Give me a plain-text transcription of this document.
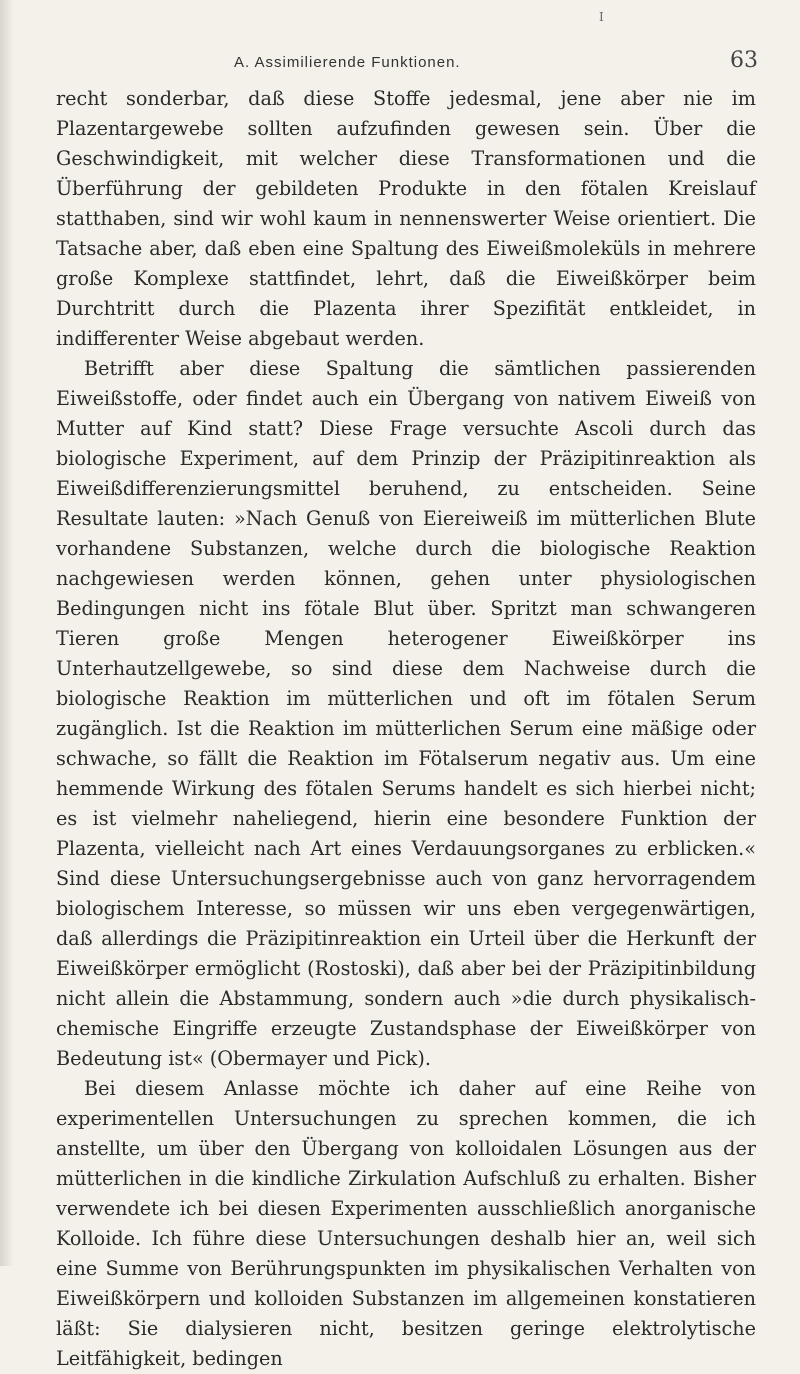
I
A. Assimilierende Funktionen.	63

recht sonderbar, daß diese Stoffe jedesmal, jene aber nie im Plazentargewebe sollten aufzufinden gewesen sein. Über die Geschwindigkeit, mit welcher diese Transformationen und die Überführung der gebildeten Produkte in den fötalen Kreislauf statthaben, sind wir wohl kaum in nennenswerter Weise orientiert. Die Tatsache aber, daß eben eine Spaltung des Eiweißmoleküls in mehrere große Komplexe stattfindet, lehrt, daß die Eiweißkörper beim Durchtritt durch die Plazenta ihrer Spezifität entkleidet, in indifferenter Weise abgebaut werden.

Betrifft aber diese Spaltung die sämtlichen passierenden Eiweißstoffe, oder findet auch ein Übergang von nativem Eiweiß von Mutter auf Kind statt? Diese Frage versuchte Ascoli durch das biologische Experiment, auf dem Prinzip der Präzipitinreaktion als Eiweißdifferenzierungsmittel beruhend, zu entscheiden. Seine Resultate lauten: »Nach Genuß von Eiereiweiß im mütterlichen Blute vorhandene Substanzen, welche durch die biologische Reaktion nachgewiesen werden können, gehen unter physiologischen Bedingungen nicht ins fötale Blut über. Spritzt man schwangeren Tieren große Mengen heterogener Eiweißkörper ins Unterhautzellgewebe, so sind diese dem Nachweise durch die biologische Reaktion im mütterlichen und oft im fötalen Serum zugänglich. Ist die Reaktion im mütterlichen Serum eine mäßige oder schwache, so fällt die Reaktion im Fötalserum negativ aus. Um eine hemmende Wirkung des fötalen Serums handelt es sich hierbei nicht; es ist vielmehr naheliegend, hierin eine besondere Funktion der Plazenta, vielleicht nach Art eines Verdauungsorganes zu erblicken.« Sind diese Untersuchungsergebnisse auch von ganz hervorragendem biologischem Interesse, so müssen wir uns eben vergegenwärtigen, daß allerdings die Präzipitinreaktion ein Urteil über die Herkunft der Eiweißkörper ermöglicht (Rostoski), daß aber bei der Präzipitinbildung nicht allein die Abstammung, sondern auch »die durch physikalisch-chemische Eingriffe erzeugte Zustandsphase der Eiweißkörper von Bedeutung ist« (Obermayer und Pick).

Bei diesem Anlasse möchte ich daher auf eine Reihe von experimentellen Untersuchungen zu sprechen kommen, die ich anstellte, um über den Übergang von kolloidalen Lösungen aus der mütterlichen in die kindliche Zirkulation Aufschluß zu erhalten. Bisher verwendete ich bei diesen Experimenten ausschließlich anorganische Kolloide. Ich führe diese Untersuchungen deshalb hier an, weil sich eine Summe von Berührungspunkten im physikalischen Verhalten von Eiweißkörpern und kolloiden Substanzen im allgemeinen konstatieren läßt: Sie dialysieren nicht, besitzen geringe elektrolytische Leitfähigkeit, bedingen
